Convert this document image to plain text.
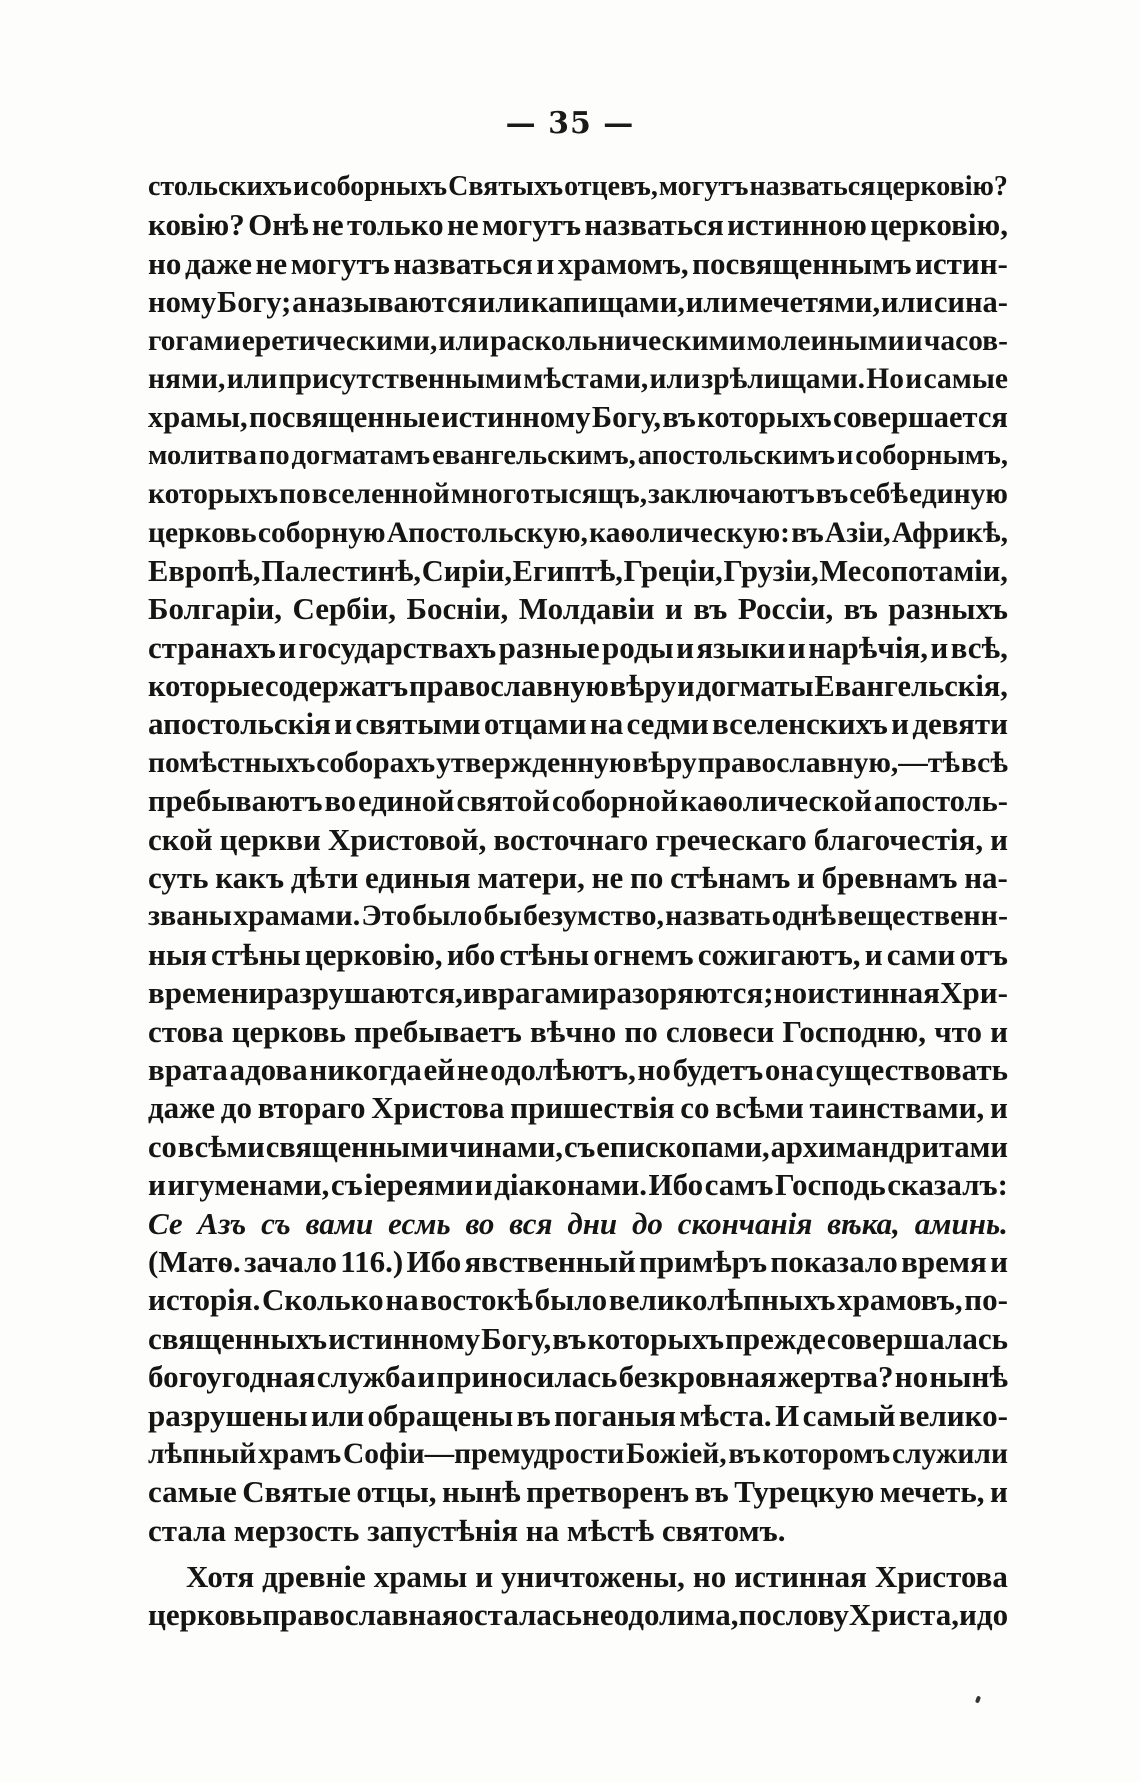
— 35 —
стольскихъ и соборныхъ Святыхъ отцевъ, могутъ назваться церковію?
ковію? Онѣ не только не могутъ назваться истинною церковію,
но даже не могутъ назваться и храмомъ, посвященнымъ истин-
ному Богу; а называются или капищами, или мечетями, или сина-
гогами еретическими, или раскольническими молеиными и часов-
нями, или присутственными мѣстами, или зрѣлищами. Но и самые
храмы, посвященные истинному Богу, въ которыхъ совершается
молитва по догматамъ евангельскимъ, апостольскимъ и соборнымъ,
которыхъ по вселенной много тысящъ, заключаютъ въ себѣ единую
церковь соборную Апостольскую, каѳолическую: въ Азіи, Африкѣ,
Европѣ, Палестинѣ, Сиріи, Египтѣ, Греціи, Грузіи, Месопотаміи,
Болгаріи, Сербіи, Босніи, Молдавіи и въ Россіи, въ разныхъ
странахъ и государствахъ разные роды и языки и нарѣчія, и всѣ,
которые содержатъ православную вѣру и догматы Евангельскія,
апостольскія и святыми отцами на седми вселенскихъ и девяти
помѣстныхъ соборахъ утвержденную вѣру православную,—тѣ всѣ
пребываютъ во единой святой соборной каѳолической апостоль-
ской церкви Христовой, восточнаго греческаго благочестія, и
суть какъ дѣти единыя матери, не по стѣнамъ и бревнамъ на-
званы храмами. Это было бы безумство, назвать однѣ вещественн-
ныя стѣны церковію, ибо стѣны огнемъ сожигаютъ, и сами отъ
времени разрушаются, и врагами разоряются; но истинная Хри-
стова церковь пребываетъ вѣчно по словеси Господню, что и
врата адова никогда ей не одолѣютъ, но будетъ она существовать
даже до втораго Христова пришествія со всѣми таинствами, и
со всѣми священными чинами, съ епископами, архимандритами
и игуменами, съ іереями и діаконами. Ибо самъ Господь сказалъ:
Се Азъ съ вами есмь во вся дни до скончанія вѣка, аминь.
(Матѳ. зачало 116.) Ибо явственный примѣръ показало время и
исторія. Сколько на востокѣ было великолѣпныхъ храмовъ, по-
священныхъ истинному Богу, въ которыхъ прежде совершалась
богоугодная служба и приносилась безкровная жертва? но нынѣ
разрушены или обращены въ поганыя мѣста. И самый велико-
лѣпный храмъ Софіи—премудрости Божіей, въ которомъ служили
самые Святые отцы, нынѣ претворенъ въ Турецкую мечеть, и
стала
мерзость
запустѣнія
на
мѣстѣ
святомъ.

Хотя древніе храмы и уничтожены, но истинная Христова
церковь православная осталась неодолима, по слову Христа, и до
